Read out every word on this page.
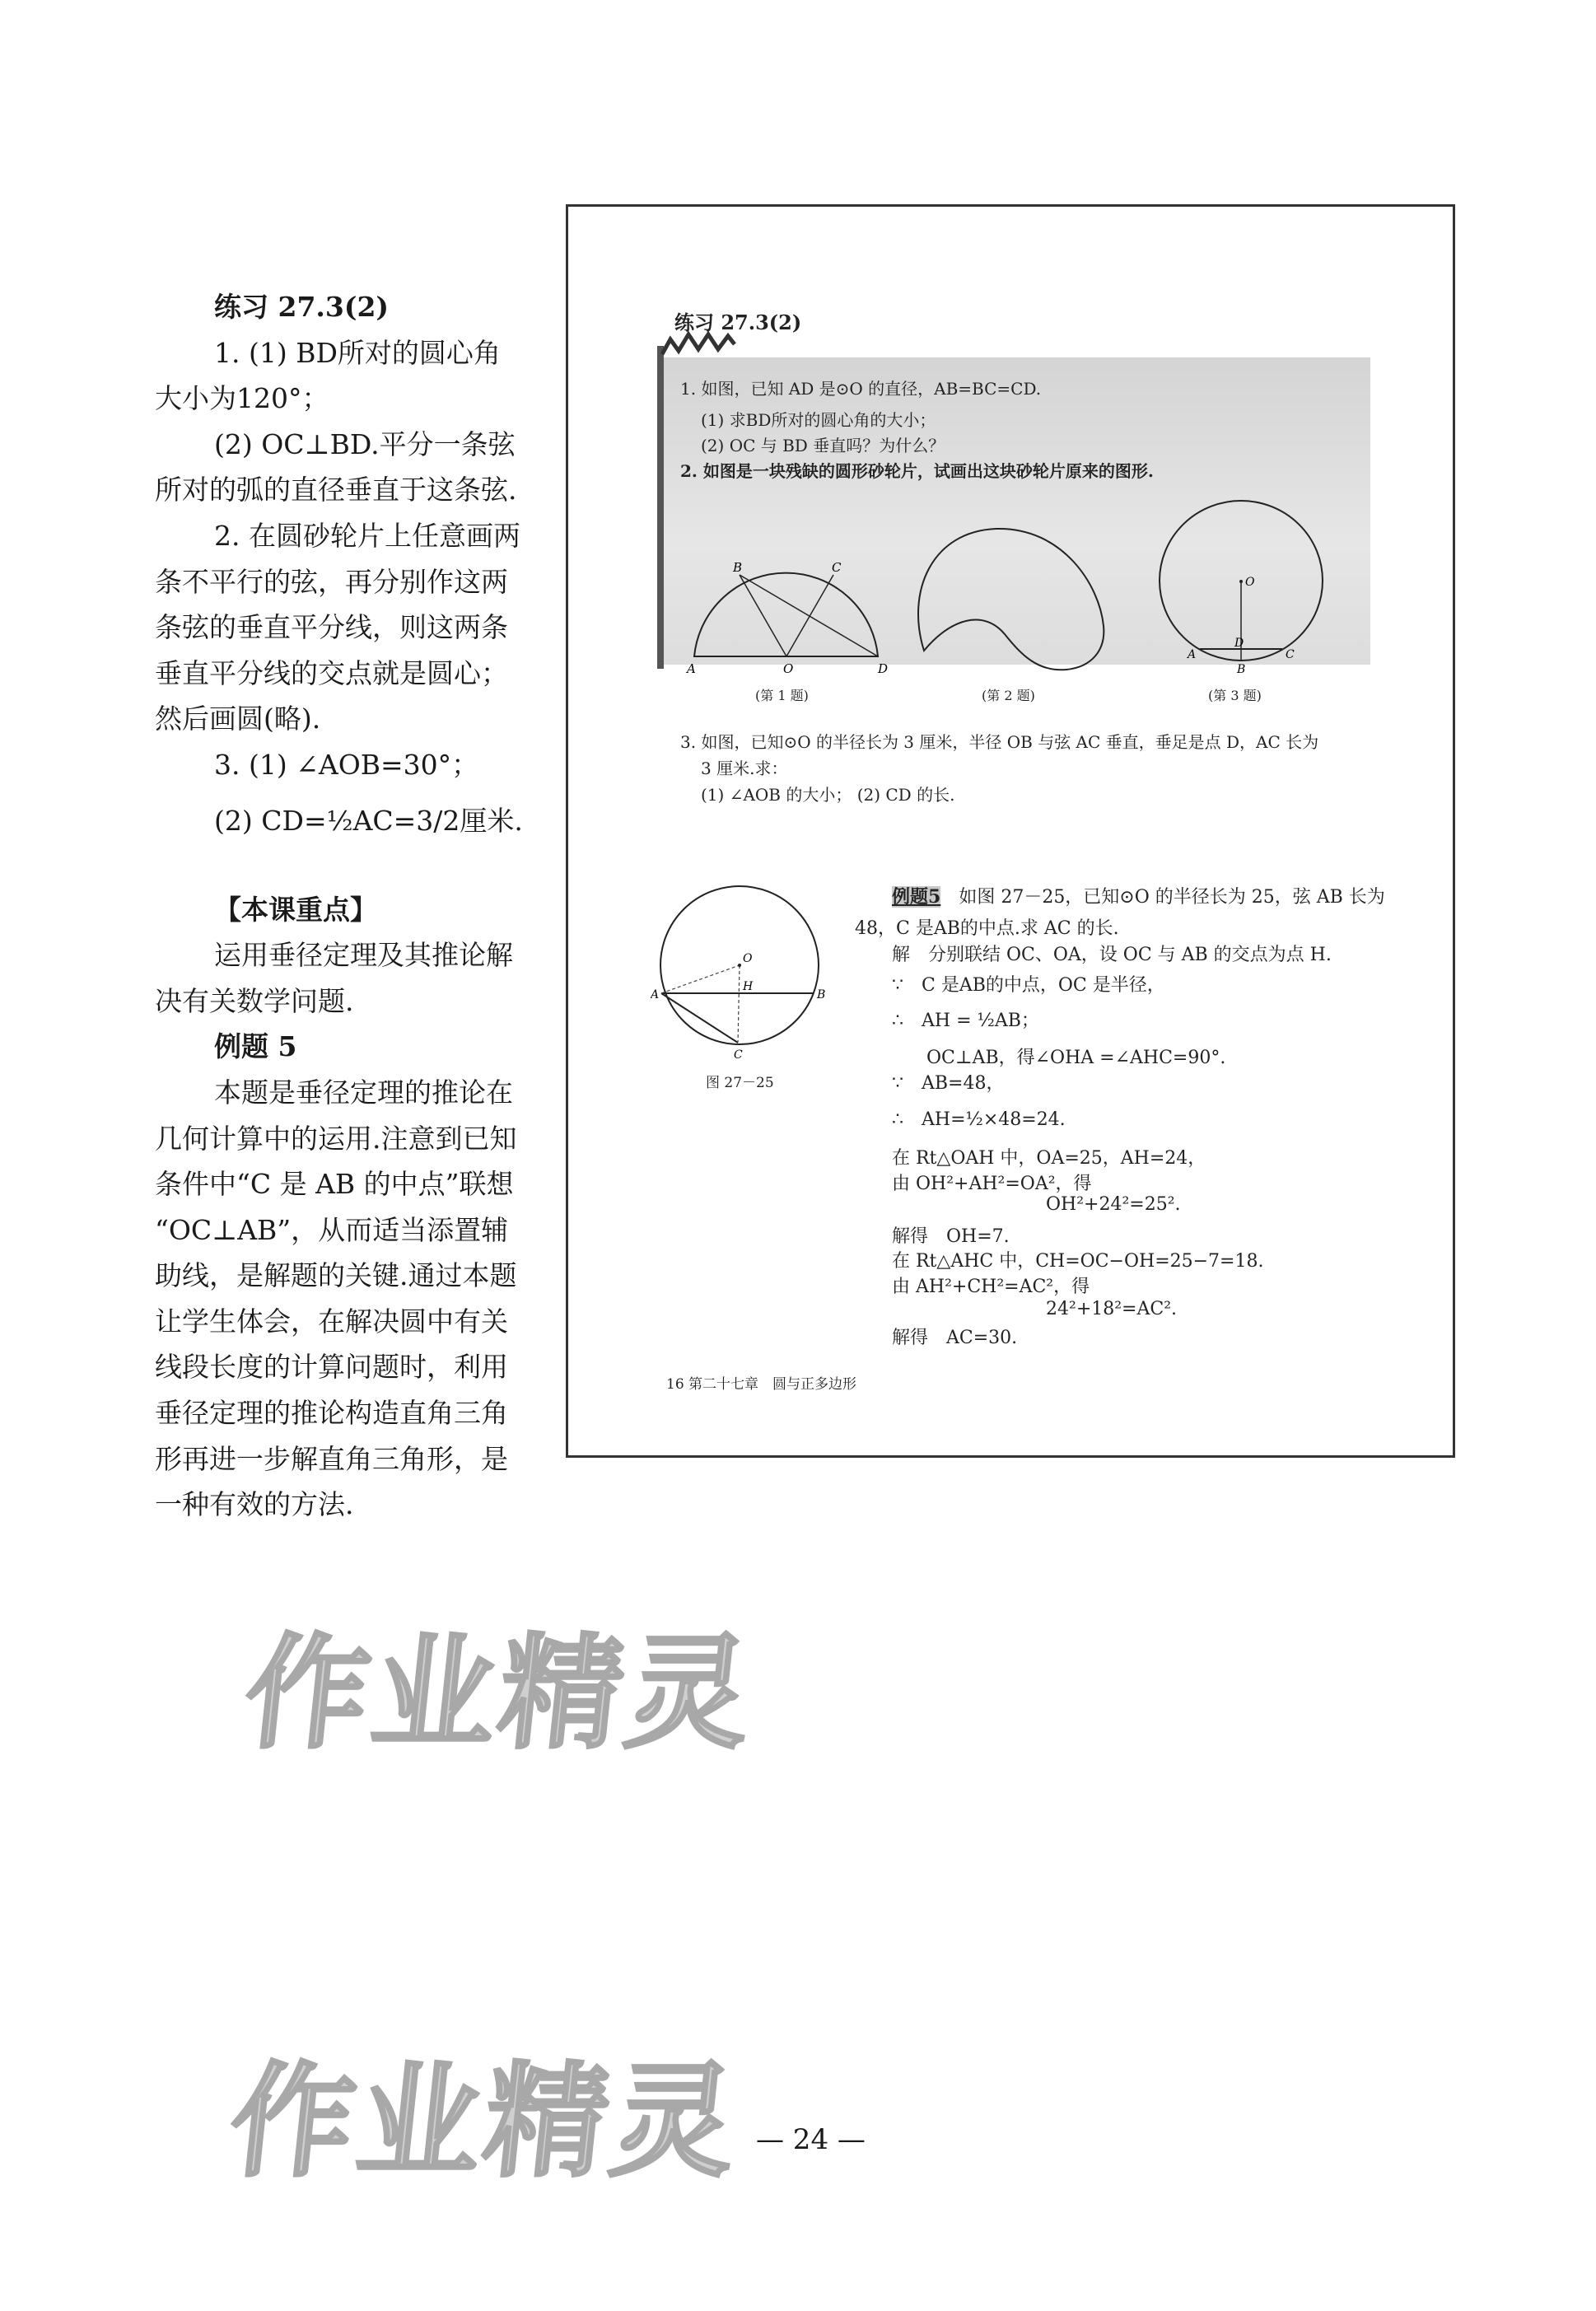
练习 27.3(2)
1. (1) BD所对的圆心角
大小为120°；
(2) OC⊥BD.平分一条弦
所对的弧的直径垂直于这条弦.
2. 在圆砂轮片上任意画两
条不平行的弦，再分别作这两
条弦的垂直平分线，则这两条
垂直平分线的交点就是圆心；
然后画圆(略).
3. (1) ∠AOB=30°；
(2) CD=½AC=3/2厘米.
【本课重点】
运用垂径定理及其推论解
决有关数学问题.
例题 5
本题是垂径定理的推论在
几何计算中的运用.注意到已知
条件中“C 是 AB 的中点”联想
“OC⊥AB”，从而适当添置辅
助线，是解题的关键.通过本题
让学生体会，在解决圆中有关
线段长度的计算问题时，利用
垂径定理的推论构造直角三角
形再进一步解直角三角形，是
一种有效的方法.
练习 27.3(2)
1. 如图，已知 AD 是⊙O 的直径，AB=BC=CD.
(1) 求BD所对的圆心角的大小；
(2) OC 与 BD 垂直吗？为什么？
2. 如图是一块残缺的圆形砂轮片，试画出这块砂轮片原来的图形.
A	O	D
B	C
O
D
A
B
C
(第 1 题)	(第 2 题)	(第 3 题)
3. 如图，已知⊙O 的半径长为 3 厘米，半径 OB 与弦 AC 垂直，垂足是点 D，AC 长为
3 厘米.求：
(1) ∠AOB 的大小； (2) CD 的长.
O
H
A	B
C
图 27－25
例题5　 如图 27－25，已知⊙O 的半径长为 25，弦 AB 长为
48，C 是AB的中点.求 AC 的长.
解　分别联结 OC、OA，设 OC 与 AB 的交点为点 H.
∵　C 是AB的中点，OC 是半径，
∴　AH = ½AB；
OC⊥AB，得∠OHA =∠AHC=90°.
∵　AB=48，
∴　AH=½×48=24.
在 Rt△OAH 中，OA=25，AH=24，
由 OH²+AH²=OA²，得
OH²+24²=25².
解得　OH=7.
在 Rt△AHC 中，CH=OC−OH=25−7=18.
由 AH²+CH²=AC²，得
24²+18²=AC².
解得　AC=30.
16 第二十七章　圆与正多边形
作业精灵
作业精灵 — 24 —
